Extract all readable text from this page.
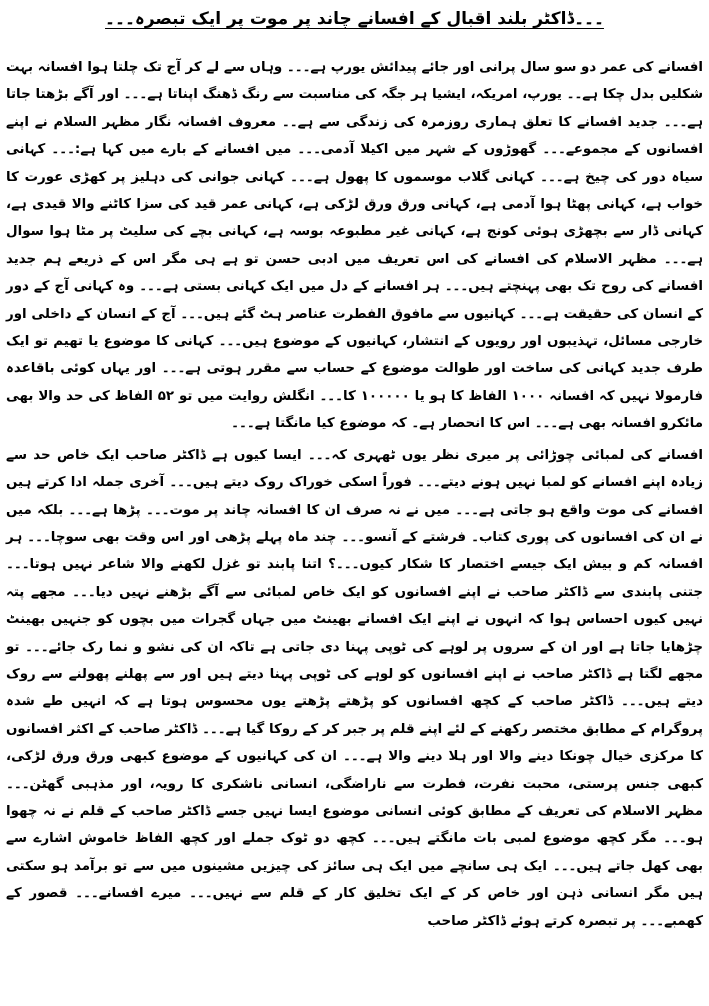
۔۔۔ڈاکٹر بلند اقبال کے افسانے چاند پر موت پر ایک تبصرہ۔۔۔

افسانے کی عمر دو سو سال پرانی اور جائے پیدائش یورپ ہے۔۔۔ وہاں سے لے کر آج تک چلتا ہوا افسانہ بہت شکلیں بدل چکا ہے۔۔ یورپ، امریکہ، ایشیا ہر جگہ کی مناسبت سے رنگ ڈھنگ اپناتا ہے۔۔۔ اور آگے بڑھتا جاتا ہے۔۔۔ جدید افسانے کا تعلق ہماری روزمرہ کی زندگی سے ہے۔۔ معروف افسانہ نگار مظہر السلام نے اپنے افسانوں کے مجموعے۔۔۔ گھوڑوں کے شہر میں اکیلا آدمی۔۔۔ میں افسانے کے بارے میں کہا ہے:۔۔۔ کہانی سیاہ دور کی چیخ ہے۔۔۔ کہانی گلاب موسموں کا پھول ہے۔۔۔ کہانی جوانی کی دہلیز پر کھڑی عورت کا خواب ہے، کہانی پھٹا ہوا آدمی ہے، کہانی ورق ورق لڑکی ہے، کہانی عمر قید کی سزا کاٹنے والا قیدی ہے، کہانی ڈار سے بچھڑی ہوئی کونج ہے، کہانی غیر مطبوعہ بوسہ ہے، کہانی بچے کی سلیٹ پر مٹا ہوا سوال ہے۔۔۔ مظہر الاسلام کی افسانے کی اس تعریف میں ادبی حسن تو ہے ہی مگر اس کے ذریعے ہم جدید افسانے کی روح تک بھی پہنچتے ہیں۔۔۔ ہر افسانے کے دل میں ایک کہانی بستی ہے۔۔۔ وہ کہانی آج کے دور کے انسان کی حقیقت ہے۔۔۔ کہانیوں سے مافوق الفطرت عناصر ہٹ گئے ہیں۔۔۔ آج کے انسان کے داخلی اور خارجی مسائل، تہذیبوں اور رویوں کے انتشار، کہانیوں کے موضوع ہیں۔۔۔ کہانی کا موضوع یا تھیم تو ایک طرف جدید کہانی کی ساخت اور طوالت موضوع کے حساب سے مقرر ہوتی ہے۔۔۔ اور یہاں کوئی باقاعدہ فارمولا نہیں کہ افسانہ ۱۰۰۰ الفاظ کا ہو یا ۱۰۰۰۰۰ کا۔۔۔ انگلش روایت میں تو ۵۲ الفاظ کی حد والا بھی مائکرو افسانہ بھی ہے۔۔۔ اس کا انحصار ہے۔ کہ موضوع کیا مانگتا ہے۔۔۔

افسانے کی لمبائی چوڑائی پر میری نظر یوں ٹھہری کہ۔۔۔ ایسا کیوں ہے ڈاکٹر صاحب ایک خاص حد سے زیادہ اپنے افسانے کو لمبا نہیں ہونے دیتے۔۔۔ فوراً اسکی خوراک روک دیتے ہیں۔۔۔ آخری جملہ ادا کرتے ہیں افسانے کی موت واقع ہو جاتی ہے۔۔۔ میں نے نہ صرف ان کا افسانہ چاند پر موت۔۔۔ پڑھا ہے۔۔۔ بلکہ میں نے ان کی افسانوں کی پوری کتاب۔ فرشتے کے آنسو۔۔۔ چند ماہ پہلے پڑھی اور اس وقت بھی سوچا۔۔۔ ہر افسانہ کم و بیش ایک جیسے اختصار کا شکار کیوں۔۔۔؟ اتنا پابند تو غزل لکھنے والا شاعر نہیں ہوتا۔۔۔ جتنی پابندی سے ڈاکٹر صاحب نے اپنے افسانوں کو ایک خاص لمبائی سے آگے بڑھنے نہیں دیا۔۔۔ مجھے پتہ نہیں کیوں احساس ہوا کہ انہوں نے اپنے ایک افسانے بھینٹ میں جہاں گجرات میں بچوں کو جنہیں بھینٹ چڑھایا جاتا ہے اور ان کے سروں پر لوہے کی ٹوپی پہنا دی جاتی ہے تاکہ ان کی نشو و نما رک جائے۔۔۔ تو مجھے لگتا ہے ڈاکٹر صاحب نے اپنے افسانوں کو لوہے کی ٹوپی پہنا دیتے ہیں اور سے پھلنے پھولنے سے روک دیتے ہیں۔۔۔ ڈاکٹر صاحب کے کچھ افسانوں کو پڑھتے پڑھتے یوں محسوس ہوتا ہے کہ انہیں طے شدہ پروگرام کے مطابق مختصر رکھنے کے لئے اپنے قلم پر جبر کر کے روکا گیا ہے۔۔۔ ڈاکٹر صاحب کے اکثر افسانوں کا مرکزی خیال چونکا دینے والا اور ہلا دینے والا ہے۔۔۔ ان کی کہانیوں کے موضوع کبھی ورق ورق لڑکی، کبھی جنس پرستی، محبت نفرت، فطرت سے ناراضگی، انسانی ناشکری کا رویہ، اور مذہبی گھٹن۔۔۔ مظہر الاسلام کی تعریف کے مطابق کوئی انسانی موضوع ایسا نہیں جسے ڈاکٹر صاحب کے قلم نے نہ چھوا ہو۔۔۔ مگر کچھ موضوع لمبی بات مانگتے ہیں۔۔۔ کچھ دو ٹوک جملے اور کچھ الفاظ خاموش اشارے سے بھی کھل جاتے ہیں۔۔۔ ایک ہی سانچے میں ایک ہی سائز کی چیزیں مشینوں میں سے تو برآمد ہو سکتی ہیں مگر انسانی ذہن اور خاص کر کے ایک تخلیق کار کے قلم سے نہیں۔۔۔ میرے افسانے۔۔۔ قصور کے کھمبے۔۔۔ پر تبصرہ کرتے ہوئے ڈاکٹر صاحب
